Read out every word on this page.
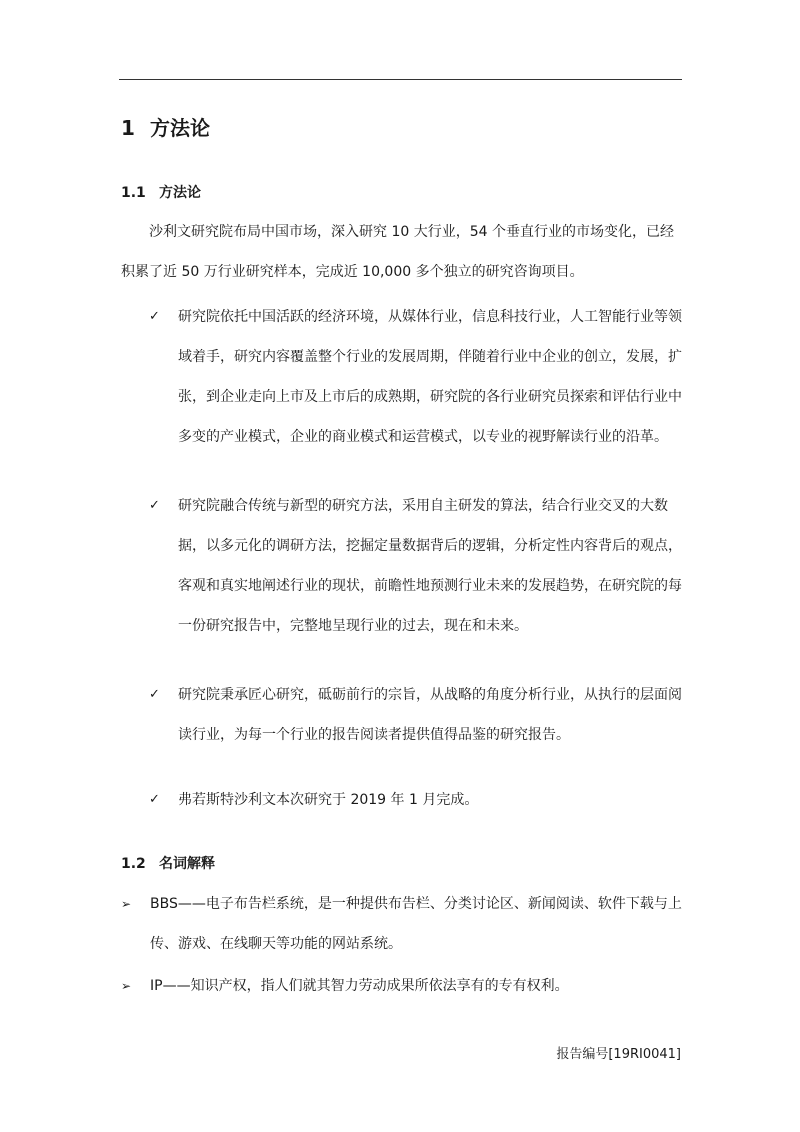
1 方法论
1.1 方法论
沙利文研究院布局中国市场，深入研究 10 大行业，54 个垂直行业的市场变化，已经积累了近 50 万行业研究样本，完成近 10,000 多个独立的研究咨询项目。
✓	研究院依托中国活跃的经济环境，从媒体行业，信息科技行业，人工智能行业等领域着手，研究内容覆盖整个行业的发展周期，伴随着行业中企业的创立，发展，扩张，到企业走向上市及上市后的成熟期，研究院的各行业研究员探索和评估行业中多变的产业模式，企业的商业模式和运营模式，以专业的视野解读行业的沿革。
✓	研究院融合传统与新型的研究方法，采用自主研发的算法，结合行业交叉的大数据，以多元化的调研方法，挖掘定量数据背后的逻辑，分析定性内容背后的观点，客观和真实地阐述行业的现状，前瞻性地预测行业未来的发展趋势，在研究院的每一份研究报告中，完整地呈现行业的过去，现在和未来。
✓	研究院秉承匠心研究，砥砺前行的宗旨，从战略的角度分析行业，从执行的层面阅读行业，为每一个行业的报告阅读者提供值得品鉴的研究报告。
✓	弗若斯特沙利文本次研究于 2019 年 1 月完成。
1.2 名词解释
➢	BBS——电子布告栏系统，是一种提供布告栏、分类讨论区、新闻阅读、软件下载与上传、游戏、在线聊天等功能的网站系统。
➢	IP——知识产权，指人们就其智力劳动成果所依法享有的专有权利。
报告编号[19RI0041]
